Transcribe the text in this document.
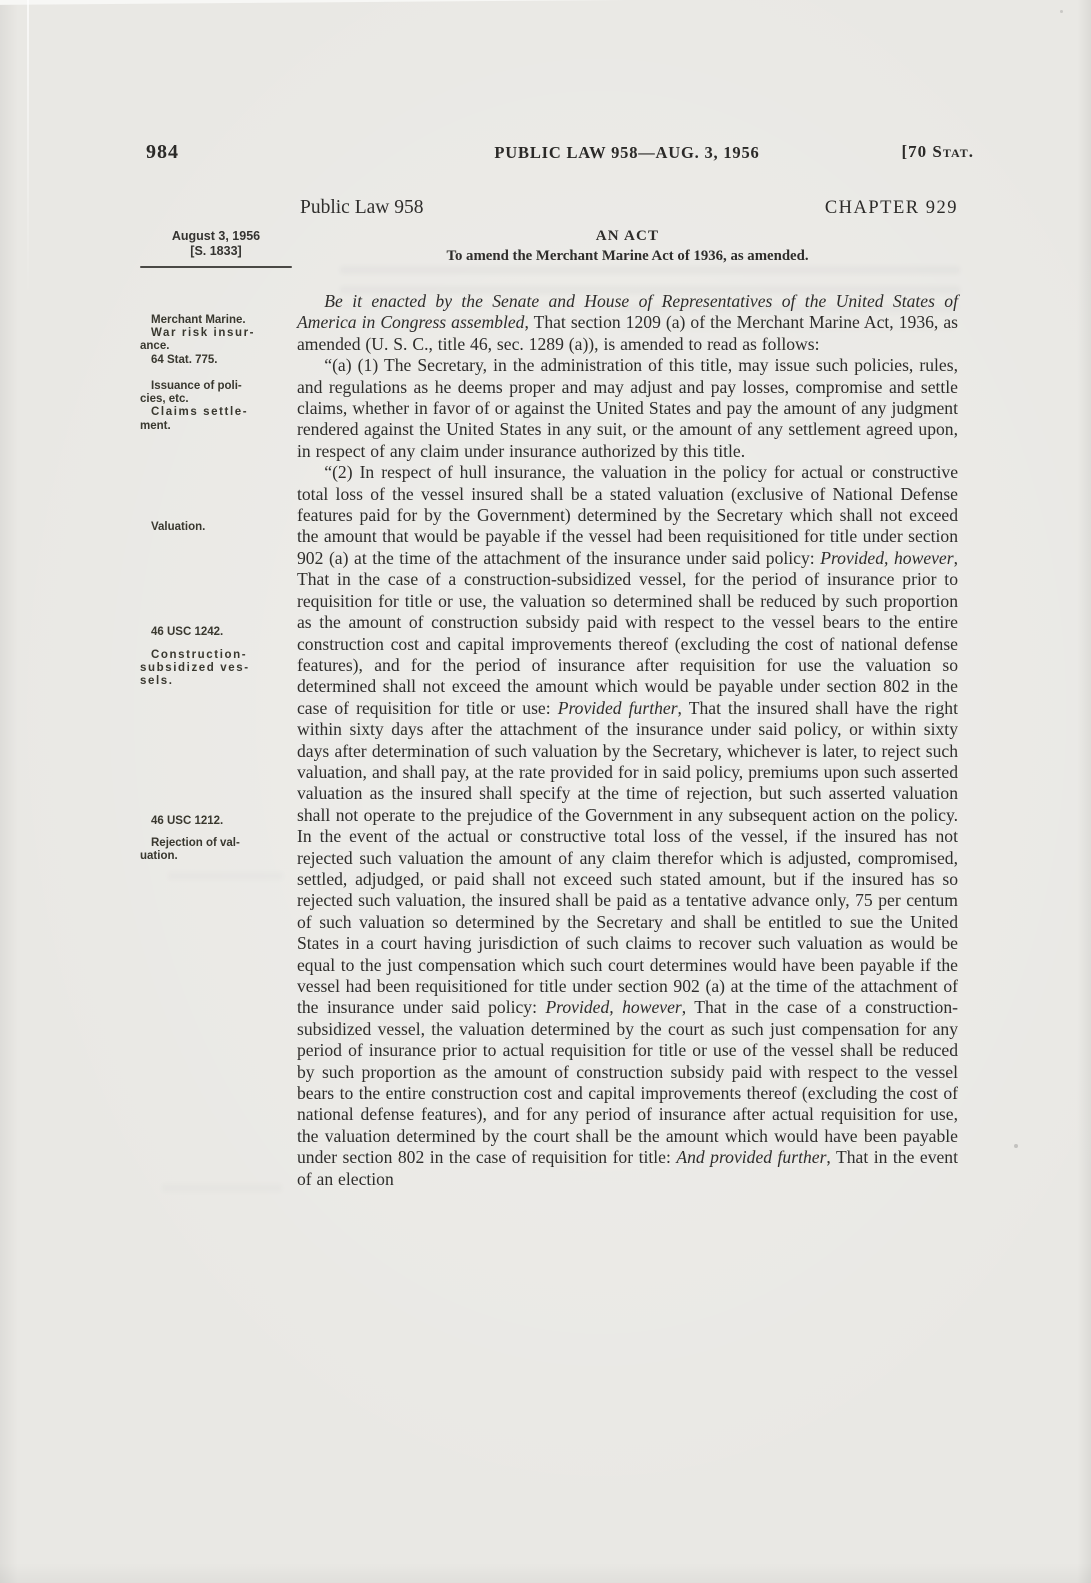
984	PUBLIC LAW 958—AUG. 3, 1956	[70 Stat.
Public Law 958	CHAPTER 929
AN ACT
To amend the Merchant Marine Act of 1936, as amended.
August 3, 1956
[S. 1833]
Merchant Marine.
War risk insur-
ance.
64 Stat. 775.
Issuance of poli-
cies, etc.
Claims settle-
ment.
Valuation.
46 USC 1242.
Construction-
subsidized ves-
sels.
46 USC 1212.
Rejection of val-
uation.

Be it enacted by the Senate and House of Representatives of the United States of America in Congress assembled, That section 1209 (a) of the Merchant Marine Act, 1936, as amended (U. S. C., title 46, sec. 1289 (a)), is amended to read as follows:

“(a) (1) The Secretary, in the administration of this title, may issue such policies, rules, and regulations as he deems proper and may adjust and pay losses, compromise and settle claims, whether in favor of or against the United States and pay the amount of any judgment rendered against the United States in any suit, or the amount of any settlement agreed upon, in respect of any claim under insurance authorized by this title.

“(2) In respect of hull insurance, the valuation in the policy for actual or constructive total loss of the vessel insured shall be a stated valuation (exclusive of National Defense features paid for by the Government) determined by the Secretary which shall not exceed the amount that would be payable if the vessel had been requisitioned for title under section 902 (a) at the time of the attachment of the insurance under said policy: Provided, however, That in the case of a construction-subsidized vessel, for the period of insurance prior to requisition for title or use, the valuation so determined shall be reduced by such proportion as the amount of construction subsidy paid with respect to the vessel bears to the entire construction cost and capital improvements thereof (excluding the cost of national defense features), and for the period of insurance after requisition for use the valuation so determined shall not exceed the amount which would be payable under section 802 in the case of requisition for title or use: Provided further, That the insured shall have the right within sixty days after the attachment of the insurance under said policy, or within sixty days after determination of such valuation by the Secretary, whichever is later, to reject such valuation, and shall pay, at the rate provided for in said policy, premiums upon such asserted valuation as the insured shall specify at the time of rejection, but such asserted valuation shall not operate to the prejudice of the Government in any subsequent action on the policy. In the event of the actual or constructive total loss of the vessel, if the insured has not rejected such valuation the amount of any claim therefor which is adjusted, compromised, settled, adjudged, or paid shall not exceed such stated amount, but if the insured has so rejected such valuation, the insured shall be paid as a tentative advance only, 75 per centum of such valuation so determined by the Secretary and shall be entitled to sue the United States in a court having jurisdiction of such claims to recover such valuation as would be equal to the just compensation which such court determines would have been payable if the vessel had been requisitioned for title under section 902 (a) at the time of the attachment of the insurance under said policy: Provided, however, That in the case of a construction-subsidized vessel, the valuation determined by the court as such just compensation for any period of insurance prior to actual requisition for title or use of the vessel shall be reduced by such proportion as the amount of construction subsidy paid with respect to the vessel bears to the entire construction cost and capital improvements thereof (excluding the cost of national defense features), and for any period of insurance after actual requisition for use, the valuation determined by the court shall be the amount which would have been payable under section 802 in the case of requisition for title: And provided further, That in the event of an election
